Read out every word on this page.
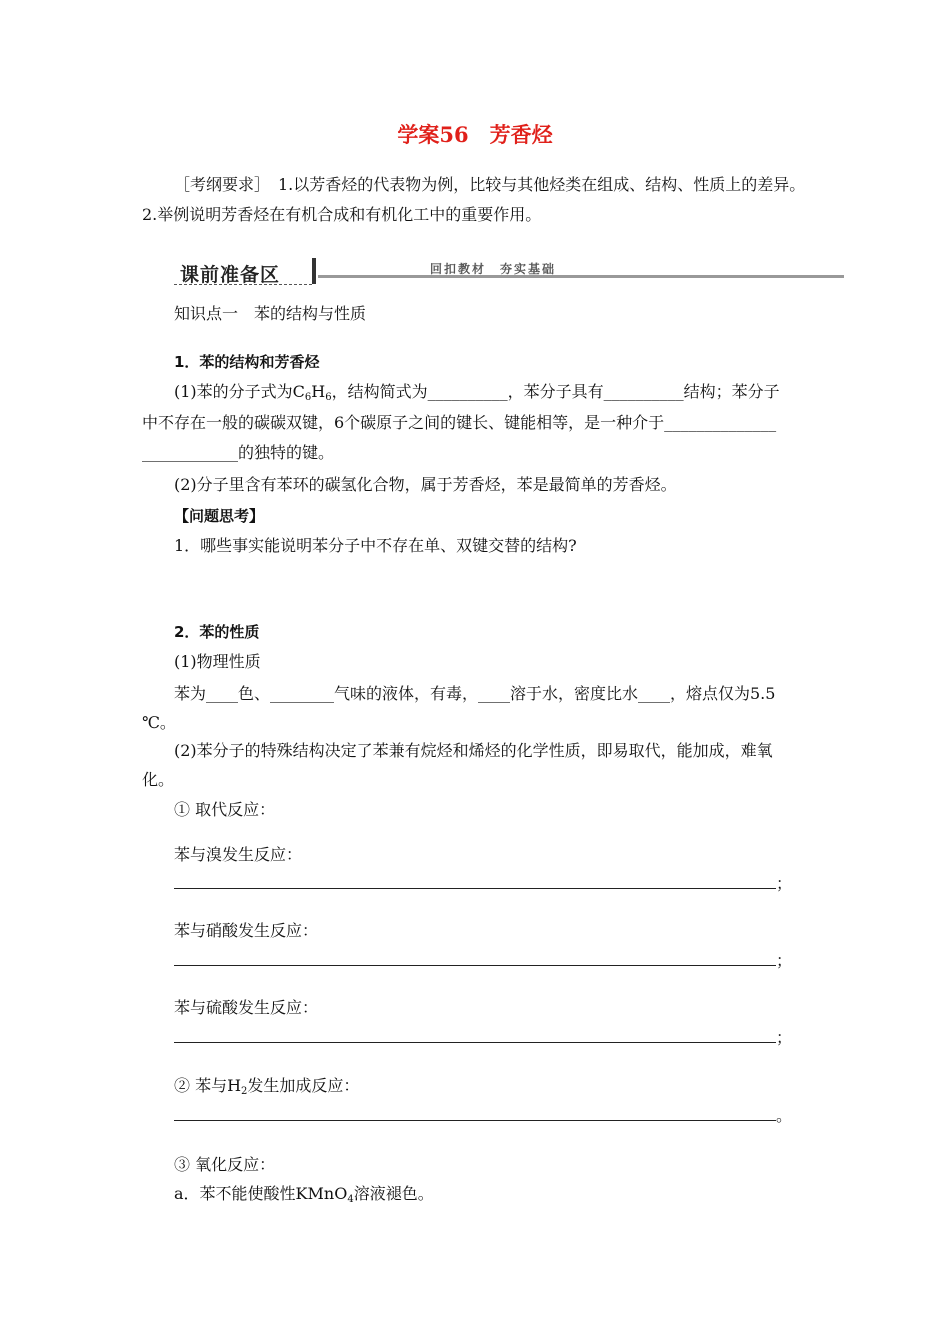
学案56　芳香烃
［考纲要求］　1.以芳香烃的代表物为例，比较与其他烃类在组成、结构、性质上的差异。
2.举例说明芳香烃在有机合成和有机化工中的重要作用。
课前准备区	回扣教材　夯实基础
知识点一　苯的结构与性质
1．苯的结构和芳香烃
(1)苯的分子式为$C_6H_6$，结构简式为__________，苯分子具有__________结构；苯分子
中不存在一般的碳碳双键，6个碳原子之间的键长、键能相等，是一种介于______________
____________的独特的键。
(2)分子里含有苯环的碳氢化合物，属于芳香烃，苯是最简单的芳香烃。
【问题思考】
1．哪些事实能说明苯分子中不存在单、双键交替的结构?
2．苯的性质
(1)物理性质
苯为____色、________气味的液体，有毒，____溶于水，密度比水____，熔点仅为5.5
℃。
(2)苯分子的特殊结构决定了苯兼有烷烃和烯烃的化学性质，即易取代，能加成，难氧
化。
① 取代反应：
苯与溴发生反应：
；
苯与硝酸发生反应：
；
苯与硫酸发生反应：
；
② 苯与$H_2$发生加成反应：
。
③ 氧化反应：
a．苯不能使酸性KMnO$_4$溶液褪色。
